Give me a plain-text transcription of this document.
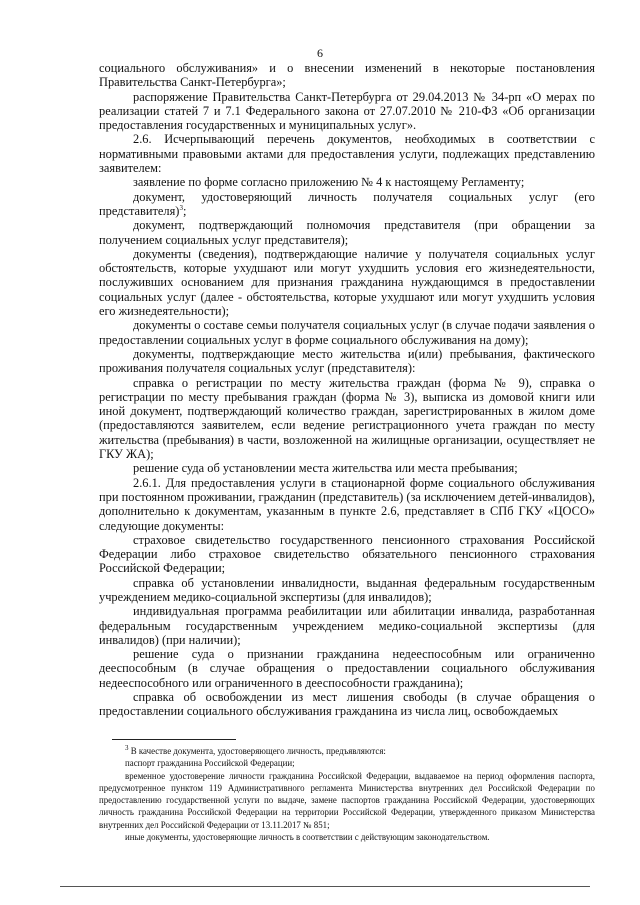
6

социального обслуживания» и о внесении изменений в некоторые постановления Правительства Санкт-Петербурга»;

распоряжение Правительства Санкт-Петербурга от 29.04.2013 № 34-рп «О мерах по реализации статей 7 и 7.1 Федерального закона от 27.07.2010 № 210-ФЗ «Об организации предоставления государственных и муниципальных услуг».

2.6. Исчерпывающий перечень документов, необходимых в соответствии с нормативными правовыми актами для предоставления услуги, подлежащих представлению заявителем:

заявление по форме согласно приложению № 4 к настоящему Регламенту;

документ, удостоверяющий личность получателя социальных услуг (его представителя)$^3$;

документ, подтверждающий полномочия представителя (при обращении за получением социальных услуг представителя);

документы (сведения), подтверждающие наличие у получателя социальных услуг обстоятельств, которые ухудшают или могут ухудшить условия его жизнедеятельности, послуживших основанием для признания гражданина нуждающимся в предоставлении социальных услуг (далее - обстоятельства, которые ухудшают или могут ухудшить условия его жизнедеятельности);

документы о составе семьи получателя социальных услуг (в случае подачи заявления о предоставлении социальных услуг в форме социального обслуживания на дому);

документы, подтверждающие место жительства и(или) пребывания, фактического проживания получателя социальных услуг (представителя):

справка о регистрации по месту жительства граждан (форма № 9), справка о регистрации по месту пребывания граждан (форма № 3), выписка из домовой книги или иной документ, подтверждающий количество граждан, зарегистрированных в жилом доме (предоставляются заявителем, если ведение регистрационного учета граждан по месту жительства (пребывания) в части, возложенной на жилищные организации, осуществляет не ГКУ ЖА);

решение суда об установлении места жительства или места пребывания;

2.6.1. Для предоставления услуги в стационарной форме социального обслуживания при постоянном проживании, гражданин (представитель) (за исключением детей-инвалидов), дополнительно к документам, указанным в пункте 2.6, представляет в СПб ГКУ «ЦОСО» следующие документы:

страховое свидетельство государственного пенсионного страхования Российской Федерации либо страховое свидетельство обязательного пенсионного страхования Российской Федерации;

справка об установлении инвалидности, выданная федеральным государственным учреждением медико-социальной экспертизы (для инвалидов);

индивидуальная программа реабилитации или абилитации инвалида, разработанная федеральным государственным учреждением медико-социальной экспертизы (для инвалидов) (при наличии);

решение суда о признании гражданина недееспособным или ограниченно дееспособным (в случае обращения о предоставлении социального обслуживания недееспособного или ограниченного в дееспособности гражданина);

справка об освобождении из мест лишения свободы (в случае обращения о предоставлении социального обслуживания гражданина из числа лиц, освобождаемых

$^3$ В качестве документа, удостоверяющего личность, предъявляются:

паспорт гражданина Российской Федерации;

временное удостоверение личности гражданина Российской Федерации, выдаваемое на период оформления паспорта, предусмотренное пунктом 119 Административного регламента Министерства внутренних дел Российской Федерации по предоставлению государственной услуги по выдаче, замене паспортов гражданина Российской Федерации, удостоверяющих личность гражданина Российской Федерации на территории Российской Федерации, утвержденного приказом Министерства внутренних дел Российской Федерации от 13.11.2017 № 851;

иные документы, удостоверяющие личность в соответствии с действующим законодательством.
